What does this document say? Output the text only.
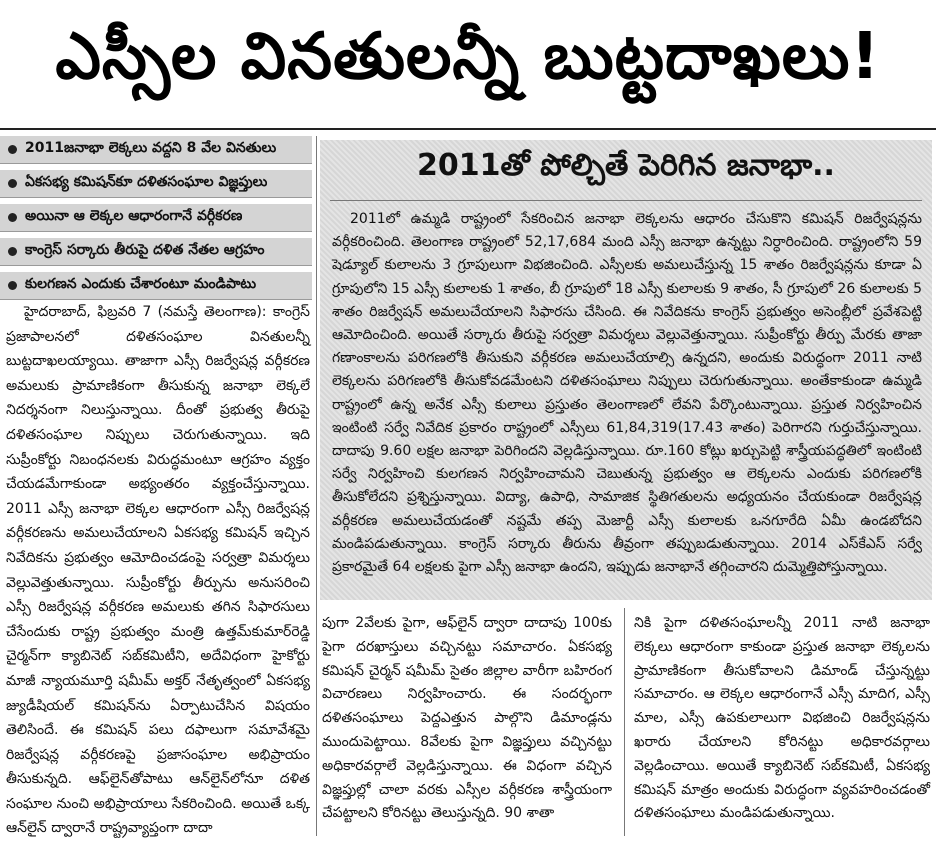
ఎస్సీల వినతులన్నీ బుట్టదాఖలు!
2011జనాభా లెక్కలు వద్దని 8 వేల వినతులు
ఏకసభ్య కమిషన్‌కూ దళితసంఘాల విజ్ఞప్తులు
అయినా ఆ లెక్కల ఆధారంగానే వర్గీకరణ
కాంగ్రెస్ సర్కారు తీరుపై దళిత నేతల ఆగ్రహం
కులగణన ఎందుకు చేశారంటూ మండిపాటు
2011తో పోల్చితే పెరిగిన జనాభా..

హైదరాబాద్, ఫిబ్రవరి 7 (నమస్తే తెలంగాణ): కాంగ్రెస్ ప్రజాపాలనలో దళితసంఘాల వినతులన్నీ బుట్టదాఖలయ్యాయి. తాజాగా ఎస్సీ రిజర్వేషన్ల వర్గీకరణ అమలుకు ప్రామాణికంగా తీసుకున్న జనాభా లెక్కలే నిదర్శనంగా నిలుస్తున్నాయి. దీంతో ప్రభుత్వ తీరుపై దళితసంఘాల నిప్పులు చెరుగుతున్నాయి. ఇది సుప్రీంకోర్టు నిబంధనలకు విరుద్ధమంటూ ఆగ్రహం వ్యక్తం చేయడమేగాకుండా అభ్యంతరం వ్యక్తంచేస్తున్నాయి. 2011 ఎస్సీ జనాభా లెక్కల ఆధారంగా ఎస్సీ రిజర్వేషన్ల వర్గీకరణను అమలుచేయాలని ఏకసభ్య కమిషన్ ఇచ్చిన నివేదికను ప్రభుత్వం ఆమోదించడంపై సర్వత్రా విమర్శలు వెల్లువెత్తుతున్నాయి. సుప్రీంకోర్టు తీర్పును అనుసరించి ఎస్సీ రిజర్వేషన్ల వర్గీకరణ అమలుకు తగిన సిఫారసులు చేసేందుకు రాష్ట్ర ప్రభుత్వం మంత్రి ఉత్తమ్‌కుమార్‌రెడ్డి చైర్మన్‌గా క్యాబినెట్ సబ్‌కమిటీని, అదేవిధంగా హైకోర్టు మాజీ న్యాయమూర్తి షమీమ్ అక్తర్ నేతృత్వంలో ఏకసభ్య జ్యుడీషియల్ కమిషన్‌ను ఏర్పాటుచేసిన విషయం తెలిసిందే. ఈ కమిషన్ పలు దఫాలుగా సమావేశమై రిజర్వేషన్ల వర్గీకరణపై ప్రజాసంఘాల అభిప్రాయం తీసుకున్నది. ఆఫ్‌లైన్‌తోపాటు ఆన్‌లైన్‌లోనూ దళిత సంఘాల నుంచి అభిప్రాయాలు సేకరించింది. అయితే ఒక్క ఆన్‌లైన్ ద్వారానే రాష్ట్రవ్యాప్తంగా దాదా

2011లో ఉమ్మడి రాష్ట్రంలో సేకరించిన జనాభా లెక్కలను ఆధారం చేసుకొని కమిషన్ రిజర్వేషన్లను వర్గీకరించింది. తెలంగాణ రాష్ట్రంలో 52,17,684 మంది ఎస్సీ జనాభా ఉన్నట్టు నిర్ధారించింది. రాష్ట్రంలోని 59 షెడ్యూల్ కులాలను 3 గ్రూపులుగా విభజించింది. ఎస్సీలకు అమలుచేస్తున్న 15 శాతం రిజర్వేషన్లను కూడా ఏ గ్రూపులోని 15 ఎస్సీ కులాలకు 1 శాతం, బీ గ్రూపులో 18 ఎస్సీ కులాలకు 9 శాతం, సీ గ్రూపులో 26 కులాలకు 5 శాతం రిజర్వేషన్ అమలుచేయాలని సిఫారసు చేసింది. ఈ నివేదికను కాంగ్రెస్ ప్రభుత్వం అసెంబ్లీలో ప్రవేశపెట్టి ఆమోదించింది. అయితే సర్కారు తీరుపై సర్వత్రా విమర్శలు వెల్లువెత్తున్నాయి. సుప్రీంకోర్టు తీర్పు మేరకు తాజా గణాంకాలను పరిగణలోకి తీసుకుని వర్గీకరణ అమలుచేయాల్సి ఉన్నదని, అందుకు విరుద్ధంగా 2011 నాటి లెక్కలను పరిగణలోకి తీసుకోవడమేంటని దళితసంఘాలు నిప్పులు చెరుగుతున్నాయి. అంతేకాకుండా ఉమ్మడి రాష్ట్రంలో ఉన్న అనేక ఎస్సీ కులాలు ప్రస్తుతం తెలంగాణలో లేవని పేర్కొంటున్నాయి. ప్రస్తుత నిర్వహించిన ఇంటింటి సర్వే నివేదిక ప్రకారం రాష్ట్రంలో ఎస్సీలు 61,84,319(17.43 శాతం) పెరిగారని గుర్తుచేస్తున్నాయి. దాదాపు 9.60 లక్షల జనాభా పెరిగిందని వెల్లడిస్తున్నాయి. రూ.160 కోట్లు ఖర్చుపెట్టి శాస్త్రీయపద్ధతిలో ఇంటింటి సర్వే నిర్వహించి కులగణన నిర్వహించామని చెబుతున్న ప్రభుత్వం ఆ లెక్కలను ఎందుకు పరిగణలోకి తీసుకోలేదని ప్రశ్నిస్తున్నాయి. విద్యా, ఉపాధి, సామాజిక స్థితిగతులను అధ్యయనం చేయకుండా రిజర్వేషన్ల వర్గీకరణ అమలుచేయడంతో నష్టమే తప్ప మెజార్టీ ఎస్సీ కులాలకు ఒనగూరేది ఏమీ ఉండబోదని మండిపడుతున్నాయి. కాంగ్రెస్ సర్కారు తీరును తీవ్రంగా తప్పుబడుతున్నాయి. 2014 ఎస్‌కేఎస్ సర్వే ప్రకారమైతే 64 లక్షలకు పైగా ఎస్సీ జనాభా ఉందని, ఇప్పుడు జనాభానే తగ్గించారని దుమ్మెత్తిపోస్తున్నాయి.

పుగా 2వేలకు పైగా, ఆఫ్‌లైన్ ద్వారా దాదాపు 100కు పైగా దరఖాస్తులు వచ్చినట్టు సమాచారం. ఏకసభ్య కమిషన్ చైర్మన్ షమీమ్ సైతం జిల్లాల వారీగా బహిరంగ విచారణలు నిర్వహించారు. ఈ సందర్భంగా దళితసంఘాలు పెద్దఎత్తున పాల్గొని డిమాండ్లను ముందుపెట్టాయి. 8వేలకు పైగా విజ్ఞప్తులు వచ్చినట్టు అధికారవర్గాలే వెల్లడిస్తున్నాయి. ఈ విధంగా వచ్చిన విజ్ఞప్తుల్లో చాలా వరకు ఎస్సీల వర్గీకరణ శాస్త్రీయంగా చేపట్టాలని కోరినట్టు తెలుస్తున్నది. 90 శాతా

నికి పైగా దళితసంఘాలన్నీ 2011 నాటి జనాభా లెక్కలు ఆధారంగా కాకుండా ప్రస్తుత జనాభా లెక్కలను ప్రామాణికంగా తీసుకోవాలని డిమాండ్ చేస్తున్నట్టు సమాచారం. ఆ లెక్కల ఆధారంగానే ఎస్సీ మాదిగ, ఎస్సీ మాల, ఎస్సీ ఉపకులాలుగా విభజించి రిజర్వేషన్లను ఖరారు చేయాలని కోరినట్టు అధికారవర్గాలు వెల్లడించాయి. అయితే క్యాబినెట్ సబ్‌కమిటీ, ఏకసభ్య కమిషన్ మాత్రం అందుకు విరుద్ధంగా వ్యవహరించడంతో దళితసంఘాలు మండిపడుతున్నాయి.
